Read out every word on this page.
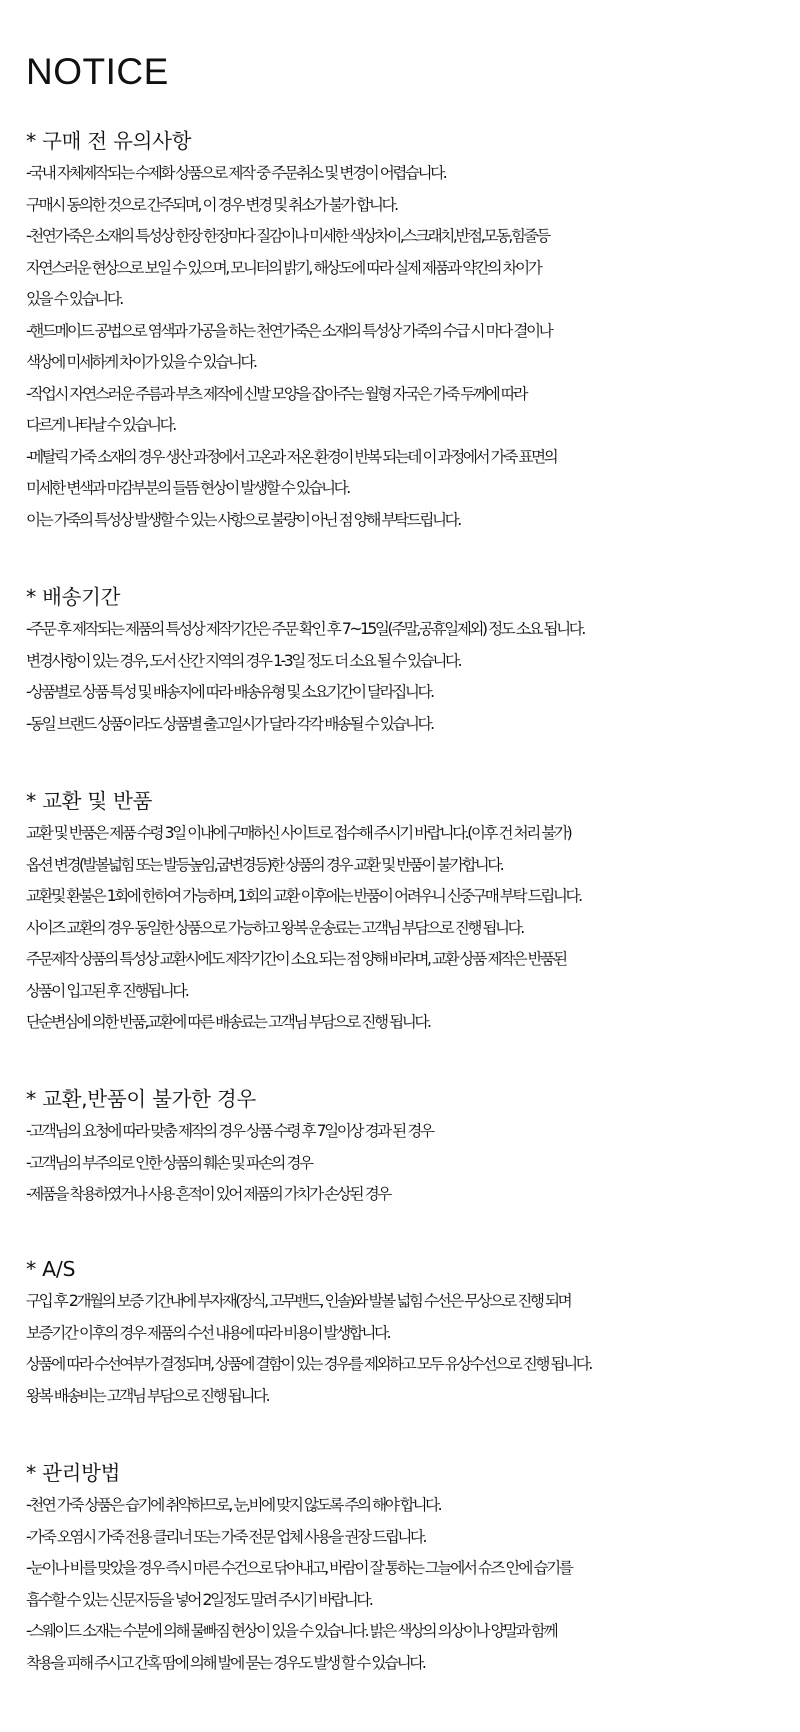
NOTICE
* 구매 전 유의사항
-국내 자체제작되는 수제화 상품으로 제작 중 주문취소 및 변경이 어렵습니다.
구매시 동의한 것으로 간주되며, 이 경우 변경 및 취소가 불가 합니다.
-천연가죽은 소재의 특성상 한장 한장마다 질감이나 미세한 색상차이,스크래치,반점,모동,힘줄등
자연스러운 현상으로 보일 수 있으며, 모니터의 밝기, 해상도에 따라 실제 제품과 약간의 차이가
있을 수 있습니다.
-핸드메이드 공법으로 염색과 가공을 하는 천연가죽은 소재의 특성상 가죽의 수급 시 마다 결이나
색상에 미세하게 차이가 있을 수 있습니다.
-작업시 자연스러운 주름과 부츠 제작에 신발 모양을 잡아주는 월형 자국은 가죽 두께에 따라
다르게 나타날 수 있습니다.
-메탈릭 가죽 소재의 경우 생산 과정에서 고온과 저온 환경이 반복 되는데 이 과정에서 가죽 표면의
미세한 변색과 마감부분의 들뜸 현상이 발생할 수 있습니다.
이는 가죽의 특성상 발생할 수 있는 사항으로 불량이 아닌 점 양해 부탁드립니다.
* 배송기간
-주문 후 제작되는 제품의 특성상 제작기간은 주문 확인 후 7~15일(주말,공휴일제외) 정도 소요 됩니다.
변경사항이 있는 경우, 도서 산간 지역의 경우 1-3일 정도 더 소요 될 수 있습니다.
-상품별로 상품 특성 및 배송지에 따라 배송유형 및 소요기간이 달라집니다.
-동일 브랜드 상품이라도 상품별 출고일시가 달라 각각 배송될 수 있습니다.
* 교환 및 반품
교환 및 반품은 제품 수령 3일 이내에 구매하신 사이트로 접수해 주시기 바랍니다.(이후 건 처리 불가)
옵션 변경(발볼넓힘 또는 발등높임,굽변경등)한 상품의 경우 교환 및 반품이 불가합니다.
교환및 환불은 1회에 한하여 가능하며, 1회의 교환 이후에는 반품이 어려우니 신중구매 부탁 드립니다.
사이즈 교환의 경우 동일한 상품으로 가능하고 왕복 운송료는 고객님 부담으로 진행 됩니다.
주문제작 상품의 특성상 교환시에도 제작기간이 소요 되는 점 양해 바라며, 교환 상품 제작은 반품된
상품이 입고된 후 진행됩니다.
단순변심에 의한 반품,교환에 따른 배송료는 고객님 부담으로 진행 됩니다.
* 교환,반품이 불가한 경우
-고객님의 요청에 따라 맞춤 제작의 경우 상품 수령 후 7일이상 경과 된 경우
-고객님의 부주의로 인한 상품의 훼손 및 파손의 경우
-제품을 착용하였거나 사용 흔적이 있어 제품의 가치가 손상된 경우
* A/S
구입 후 2개월의 보증 기간내에 부자재(장식, 고무밴드, 인솔)와 발볼 넓힘 수선은 무상으로 진행 되며
보증기간 이후의 경우 제품의 수선 내용에 따라 비용이 발생합니다.
상품에 따라 수선여부가 결정되며, 상품에 결함이 있는 경우를 제외하고 모두 유상수선으로 진행 됩니다.
왕복 배송비는 고객님 부담으로 진행 됩니다.
* 관리방법
-천연 가죽 상품은 습기에 취약하므로, 눈,비에 맞지 않도록 주의 해야 합니다.
-가죽 오염시 가죽 전용 클리너 또는 가죽 전문 업체 사용을 권장 드립니다.
-눈이나 비를 맞았을 경우 즉시 마른 수건으로 닦아내고, 바람이 잘 통하는 그늘에서 슈즈 안에 습기를
흡수할 수 있는 신문지등을 넣어 2일정도 말려 주시기 바랍니다.
-스웨이드 소재는 수분에 의해 물빠짐 현상이 있을 수 있습니다. 밝은 색상의 의상이나 양말과 함께
착용을 피해 주시고 간혹 땀에 의해 발에 묻는 경우도 발생 할 수 있습니다.
